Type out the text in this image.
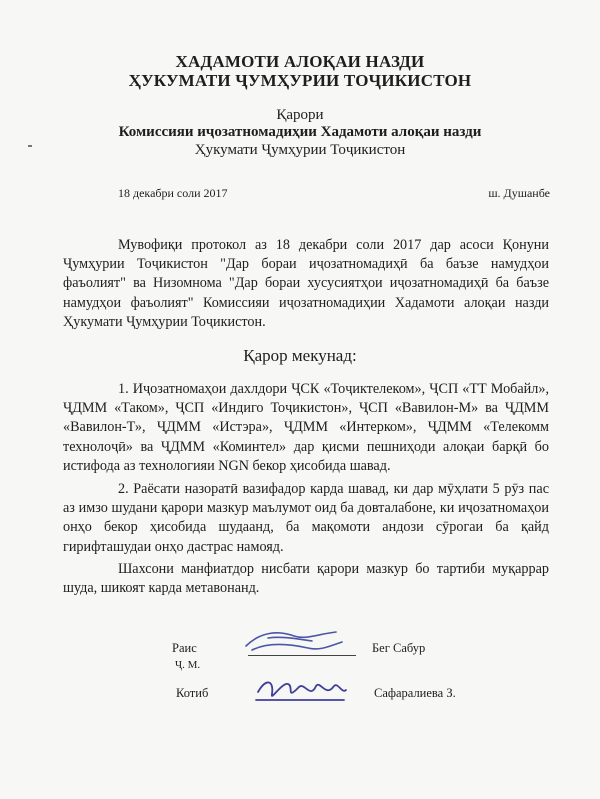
ХАДАМОТИ АЛОҚАИ НАЗДИ

ҲУКУМАТИ ҶУМҲУРИИ ТОҶИКИСТОН

Қарори

Комиссияи иҷозатномадиҳии Хадамоти алоқаи назди

Ҳукумати Ҷумҳурии Тоҷикистон

18 декабри соли 2017	ш. Душанбе

Мувофиқи протокол аз 18 декабри соли 2017 дар асоси Қонуни Ҷумҳурии Тоҷикистон "Дар бораи иҷозатномадиҳӣ ба баъзе намудҳои фаъолият" ва Низомнома "Дар бораи хусусиятҳои иҷозатномадиҳӣ ба баъзе намудҳои фаъолият" Комиссияи иҷозатномадиҳии Хадамоти алоқаи назди Ҳукумати Ҷумҳурии Тоҷикистон.

Қарор мекунад:

1. Иҷозатномаҳои дахлдори ҶСК «Тоҷиктелеком», ҶСП «ТТ Мобайл», ҶДММ «Таком», ҶСП «Индиго Тоҷикистон», ҶСП «Вавилон-М» ва ҶДММ «Вавилон-Т», ҶДММ «Истэра», ҶДММ «Интерком», ҶДММ «Телекомм технолоҷӣ» ва ҶДММ «Коминтел» дар қисми пешниҳоди алоқаи барқӣ бо истифода аз технологияи NGN бекор ҳисобида шавад.

2. Раёсати назоратӣ вазифадор карда шавад, ки дар мӯҳлати 5 рӯз пас аз имзо шудани қарори мазкур маълумот оид ба довталабоне, ки иҷозатномаҳои онҳо бекор ҳисобида шудаанд, ба мақомоти андози сӯрогаи ба қайд гирифташудаи онҳо дастрас намояд.

Шахсони манфиатдор нисбати қарори мазкур бо тартиби муқаррар шуда, шикоят карда метавонанд.

Раис

Ҷ. М.

Бег Сабур

Котиб	Сафаралиева З.
